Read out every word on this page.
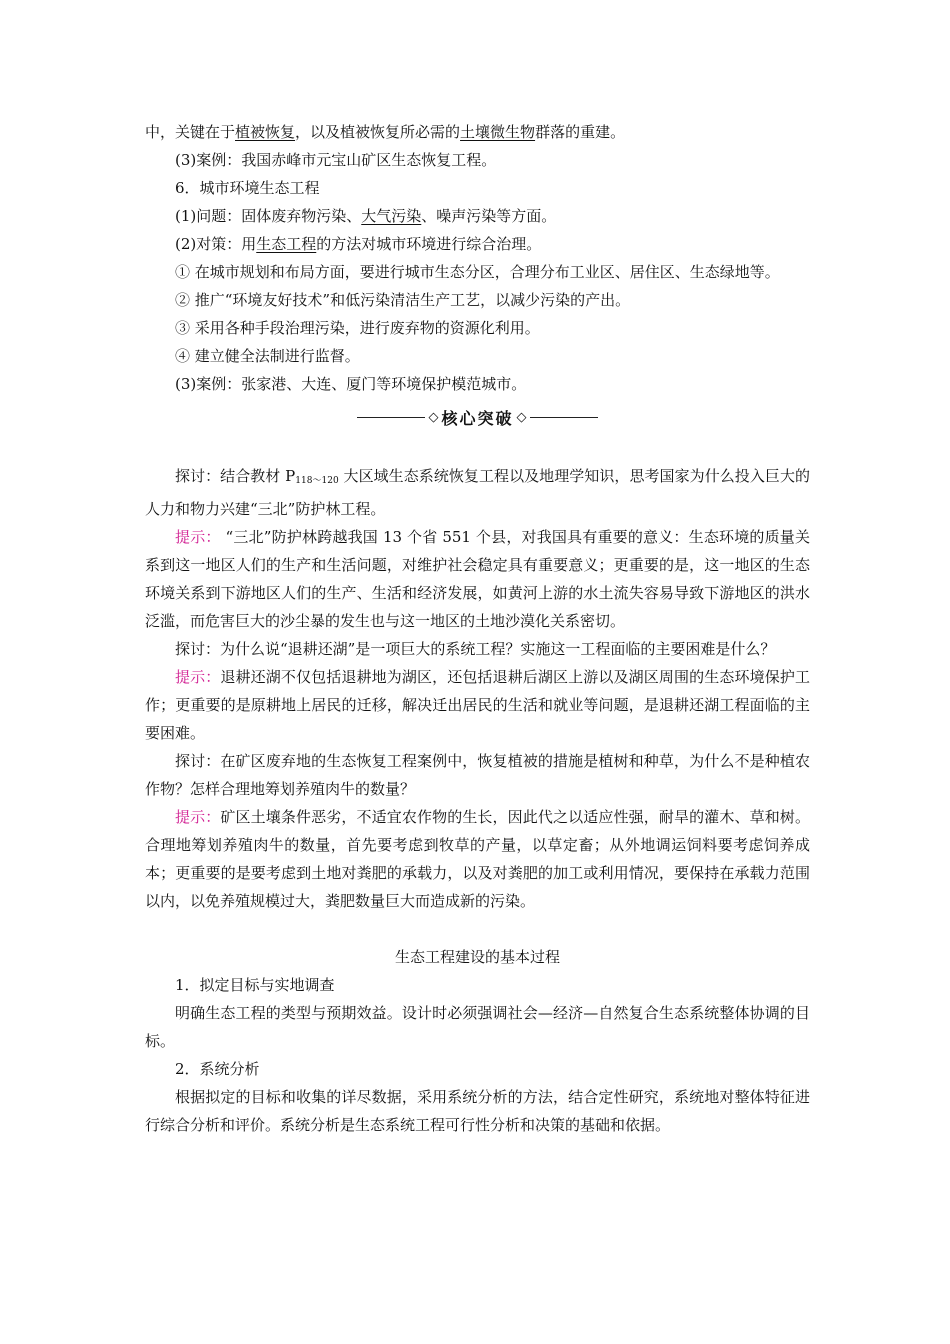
中，关键在于植被恢复，以及植被恢复所必需的土壤微生物群落的重建。

(3)案例：我国赤峰市元宝山矿区生态恢复工程。

6．城市环境生态工程

(1)问题：固体废弃物污染、大气污染、噪声污染等方面。

(2)对策：用生态工程的方法对城市环境进行综合治理。

① 在城市规划和布局方面，要进行城市生态分区，合理分布工业区、居住区、生态绿地等。

② 推广“环境友好技术”和低污染清洁生产工艺，以减少污染的产出。

③ 采用各种手段治理污染，进行废弃物的资源化利用。

④ 建立健全法制进行监督。

(3)案例：张家港、大连、厦门等环境保护模范城市。

◇ 核心突破 ◇

探讨：结合教材 $P_{118\sim 120}$ 大区域生态系统恢复工程以及地理学知识，思考国家为什么投入巨大的人力和物力兴建“三北”防护林工程。

提示： “三北”防护林跨越我国 13 个省 551 个县，对我国具有重要的意义：生态环境的质量关系到这一地区人们的生产和生活问题，对维护社会稳定具有重要意义；更重要的是，这一地区的生态环境关系到下游地区人们的生产、生活和经济发展，如黄河上游的水土流失容易导致下游地区的洪水泛滥，而危害巨大的沙尘暴的发生也与这一地区的土地沙漠化关系密切。

探讨：为什么说“退耕还湖”是一项巨大的系统工程？实施这一工程面临的主要困难是什么？

提示：退耕还湖不仅包括退耕地为湖区，还包括退耕后湖区上游以及湖区周围的生态环境保护工作；更重要的是原耕地上居民的迁移，解决迁出居民的生活和就业等问题，是退耕还湖工程面临的主要困难。

探讨：在矿区废弃地的生态恢复工程案例中，恢复植被的措施是植树和种草，为什么不是种植农作物？怎样合理地筹划养殖肉牛的数量？

提示：矿区土壤条件恶劣，不适宜农作物的生长，因此代之以适应性强，耐旱的灌木、草和树。合理地筹划养殖肉牛的数量，首先要考虑到牧草的产量，以草定畜；从外地调运饲料要考虑饲养成本；更重要的是要考虑到土地对粪肥的承载力，以及对粪肥的加工或利用情况，要保持在承载力范围以内，以免养殖规模过大，粪肥数量巨大而造成新的污染。

生态工程建设的基本过程

1．拟定目标与实地调查

明确生态工程的类型与预期效益。设计时必须强调社会—经济—自然复合生态系统整体协调的目标。

2．系统分析

根据拟定的目标和收集的详尽数据，采用系统分析的方法，结合定性研究，系统地对整体特征进行综合分析和评价。系统分析是生态系统工程可行性分析和决策的基础和依据。
